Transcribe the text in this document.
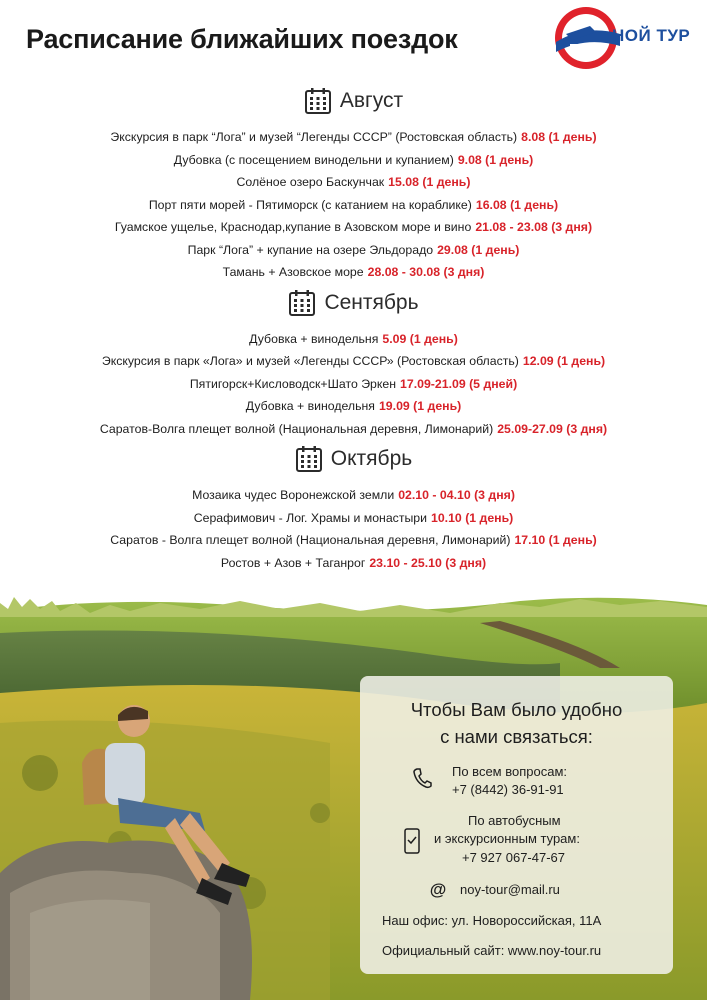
Расписание ближайших поездок	НОЙ ТУР
Август
Экскурсия в парк “Лога” и музей “Легенды СССР” (Ростовская область) 8.08 (1 день)
Дубовка (с посещением винодельни и купанием) 9.08 (1 день)
Солёное озеро Баскунчак 15.08 (1 день)
Порт пяти морей - Пятиморск (с катанием на кораблике) 16.08 (1 день)
Гуамское ущелье, Краснодар,купание в Азовском море и вино 21.08 - 23.08 (3 дня)
Парк “Лога” + купание на озере Эльдорадо 29.08 (1 день)
Тамань + Азовское море 28.08 - 30.08 (3 дня)
Сентябрь
Дубовка + винодельня 5.09 (1 день)
Экскурсия в парк «Лога» и музей «Легенды СССР» (Ростовская область) 12.09 (1 день)
Пятигорск+Кисловодск+Шато Эркен 17.09-21.09 (5 дней)
Дубовка + винодельня 19.09 (1 день)
Саратов-Волга плещет волной (Национальная деревня, Лимонарий) 25.09-27.09 (3 дня)
Октябрь
Мозаика чудес Воронежской земли 02.10 - 04.10 (3 дня)
Серафимович - Лог. Храмы и монастыри 10.10 (1 день)
Саратов - Волга плещет волной (Национальная деревня, Лимонарий) 17.10 (1 день)
Ростов + Азов + Таганрог 23.10 - 25.10 (3 дня)
Чтобы Вам было удобно
с нами связаться:
По всем вопросам:
+7 (8442) 36-91-91
По автобусным
и экскурсионным турам:
+7 927 067-47-67
@ noy-tour@mail.ru
Наш офис: ул. Новороссийская, 11А
Официальный сайт: www.noy-tour.ru
